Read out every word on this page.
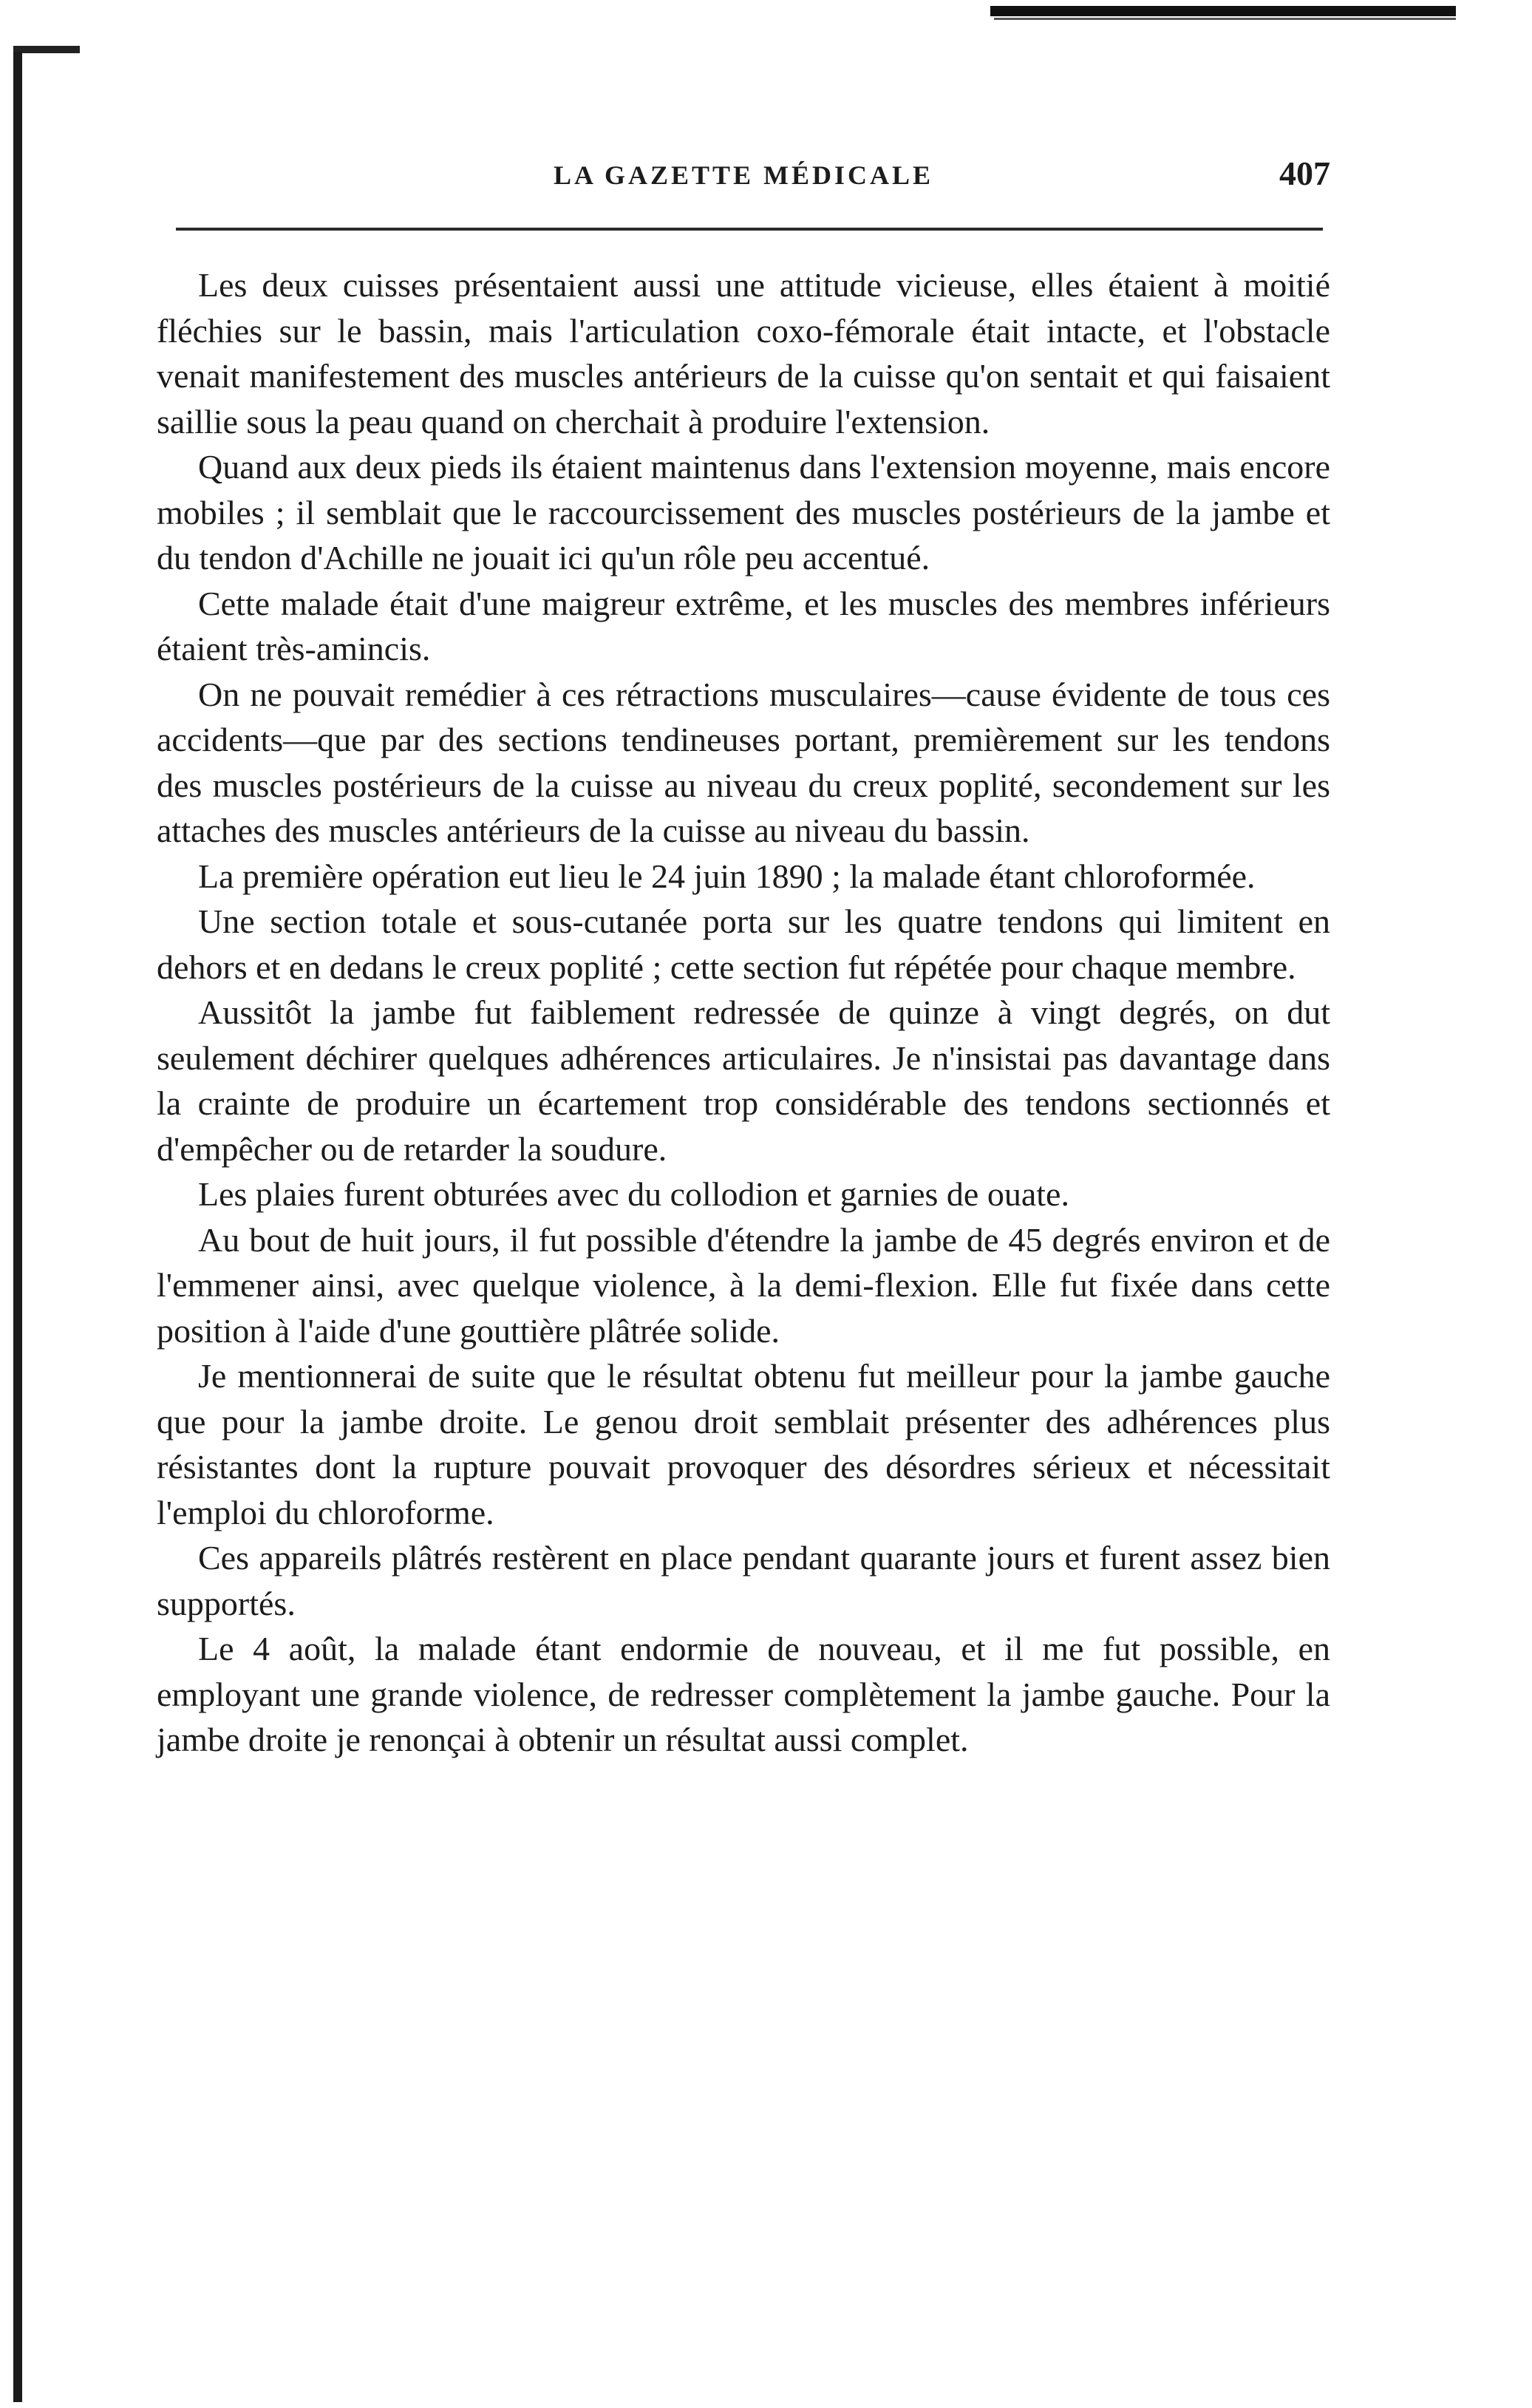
LA GAZETTE MÉDICALE	407

Les deux cuisses présentaient aussi une attitude vicieuse, elles étaient à moitié fléchies sur le bassin, mais l'articulation coxo-fémorale était intacte, et l'obstacle venait manifestement des muscles antérieurs de la cuisse qu'on sentait et qui faisaient saillie sous la peau quand on cherchait à produire l'extension.

Quand aux deux pieds ils étaient maintenus dans l'extension moyenne, mais encore mobiles ; il semblait que le raccourcissement des muscles postérieurs de la jambe et du tendon d'Achille ne jouait ici qu'un rôle peu accentué.

Cette malade était d'une maigreur extrême, et les muscles des membres inférieurs étaient très-amincis.

On ne pouvait remédier à ces rétractions musculaires—cause évidente de tous ces accidents—que par des sections tendineuses portant, premièrement sur les tendons des muscles postérieurs de la cuisse au niveau du creux poplité, secondement sur les attaches des muscles antérieurs de la cuisse au niveau du bassin.

La première opération eut lieu le 24 juin 1890 ; la malade étant chloroformée.

Une section totale et sous-cutanée porta sur les quatre tendons qui limitent en dehors et en dedans le creux poplité ; cette section fut répétée pour chaque membre.

Aussitôt la jambe fut faiblement redressée de quinze à vingt degrés, on dut seulement déchirer quelques adhérences articulaires. Je n'insistai pas davantage dans la crainte de produire un écartement trop considérable des tendons sectionnés et d'empêcher ou de retarder la soudure.

Les plaies furent obturées avec du collodion et garnies de ouate.

Au bout de huit jours, il fut possible d'étendre la jambe de 45 degrés environ et de l'emmener ainsi, avec quelque violence, à la demi-flexion. Elle fut fixée dans cette position à l'aide d'une gouttière plâtrée solide.

Je mentionnerai de suite que le résultat obtenu fut meilleur pour la jambe gauche que pour la jambe droite. Le genou droit semblait présenter des adhérences plus résistantes dont la rupture pouvait provoquer des désordres sérieux et nécessitait l'emploi du chloroforme.

Ces appareils plâtrés restèrent en place pendant quarante jours et furent assez bien supportés.

Le 4 août, la malade étant endormie de nouveau, et il me fut possible, en employant une grande violence, de redresser complètement la jambe gauche. Pour la jambe droite je renonçai à obtenir un résultat aussi complet.
